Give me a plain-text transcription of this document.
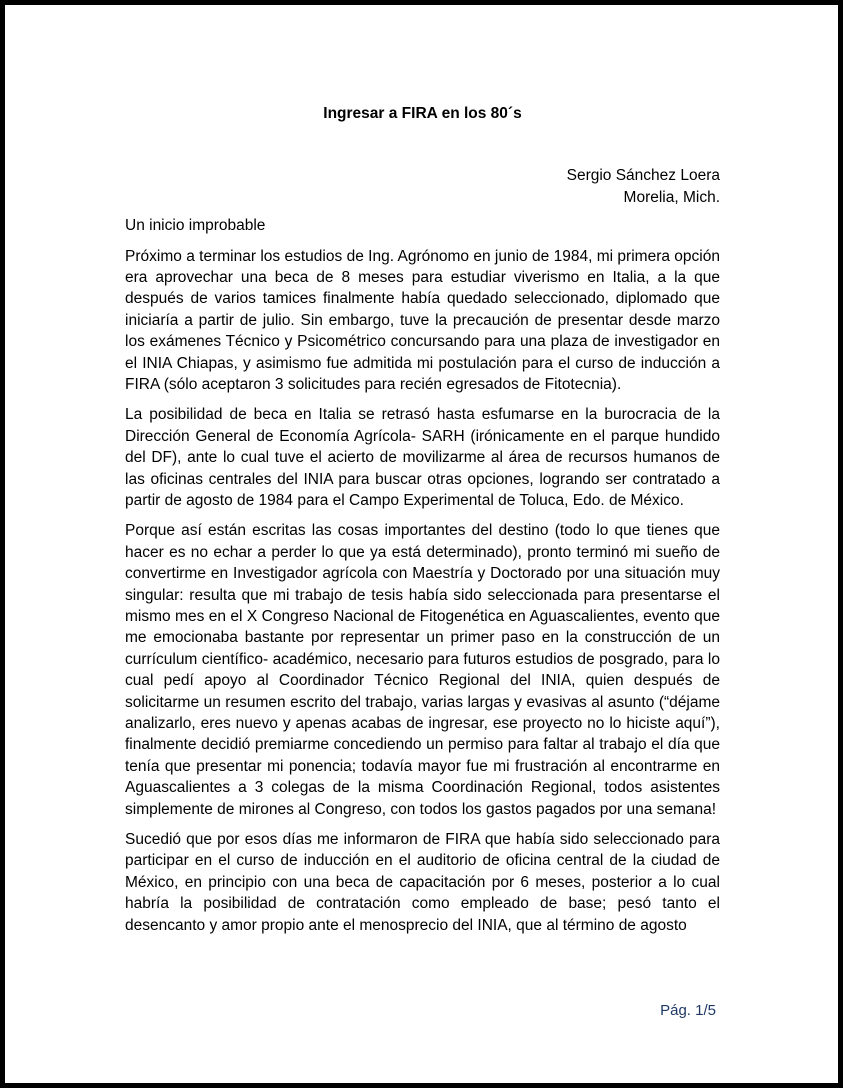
Ingresar a FIRA en los 80´s
Sergio Sánchez Loera
Morelia, Mich.
Un inicio improbable

Próximo a terminar los estudios de Ing. Agrónomo en junio de 1984, mi primera opción era aprovechar una beca de 8 meses para estudiar viverismo en Italia, a la que después de varios tamices finalmente había quedado seleccionado, diplomado que iniciaría a partir de julio. Sin embargo, tuve la precaución de presentar desde marzo los exámenes Técnico y Psicométrico concursando para una plaza de investigador en el INIA Chiapas, y asimismo fue admitida mi postulación para el curso de inducción a FIRA (sólo aceptaron 3 solicitudes para recién egresados de Fitotecnia).

La posibilidad de beca en Italia se retrasó hasta esfumarse en la burocracia de la Dirección General de Economía Agrícola- SARH (irónicamente en el parque hundido del DF), ante lo cual tuve el acierto de movilizarme al área de recursos humanos de las oficinas centrales del INIA para buscar otras opciones, logrando ser contratado a partir de agosto de 1984 para el Campo Experimental de Toluca, Edo. de México.

Porque así están escritas las cosas importantes del destino (todo lo que tienes que hacer es no echar a perder lo que ya está determinado), pronto terminó mi sueño de convertirme en Investigador agrícola con Maestría y Doctorado por una situación muy singular: resulta que mi trabajo de tesis había sido seleccionada para presentarse el mismo mes en el X Congreso Nacional de Fitogenética en Aguascalientes, evento que me emocionaba bastante por representar un primer paso en la construcción de un currículum científico- académico, necesario para futuros estudios de posgrado, para lo cual pedí apoyo al Coordinador Técnico Regional del INIA, quien después de solicitarme un resumen escrito del trabajo, varias largas y evasivas al asunto (“déjame analizarlo, eres nuevo y apenas acabas de ingresar, ese proyecto no lo hiciste aquí”), finalmente decidió premiarme concediendo un permiso para faltar al trabajo el día que tenía que presentar mi ponencia; todavía mayor fue mi frustración al encontrarme en Aguascalientes a 3 colegas de la misma Coordinación Regional, todos asistentes simplemente de mirones al Congreso, con todos los gastos pagados por una semana!

Sucedió que por esos días me informaron de FIRA que había sido seleccionado para participar en el curso de inducción en el auditorio de oficina central de la ciudad de México, en principio con una beca de capacitación por 6 meses, posterior a lo cual habría la posibilidad de contratación como empleado de base; pesó tanto el desencanto y amor propio ante el menosprecio del INIA, que al término de agosto

Pág. 1/5
